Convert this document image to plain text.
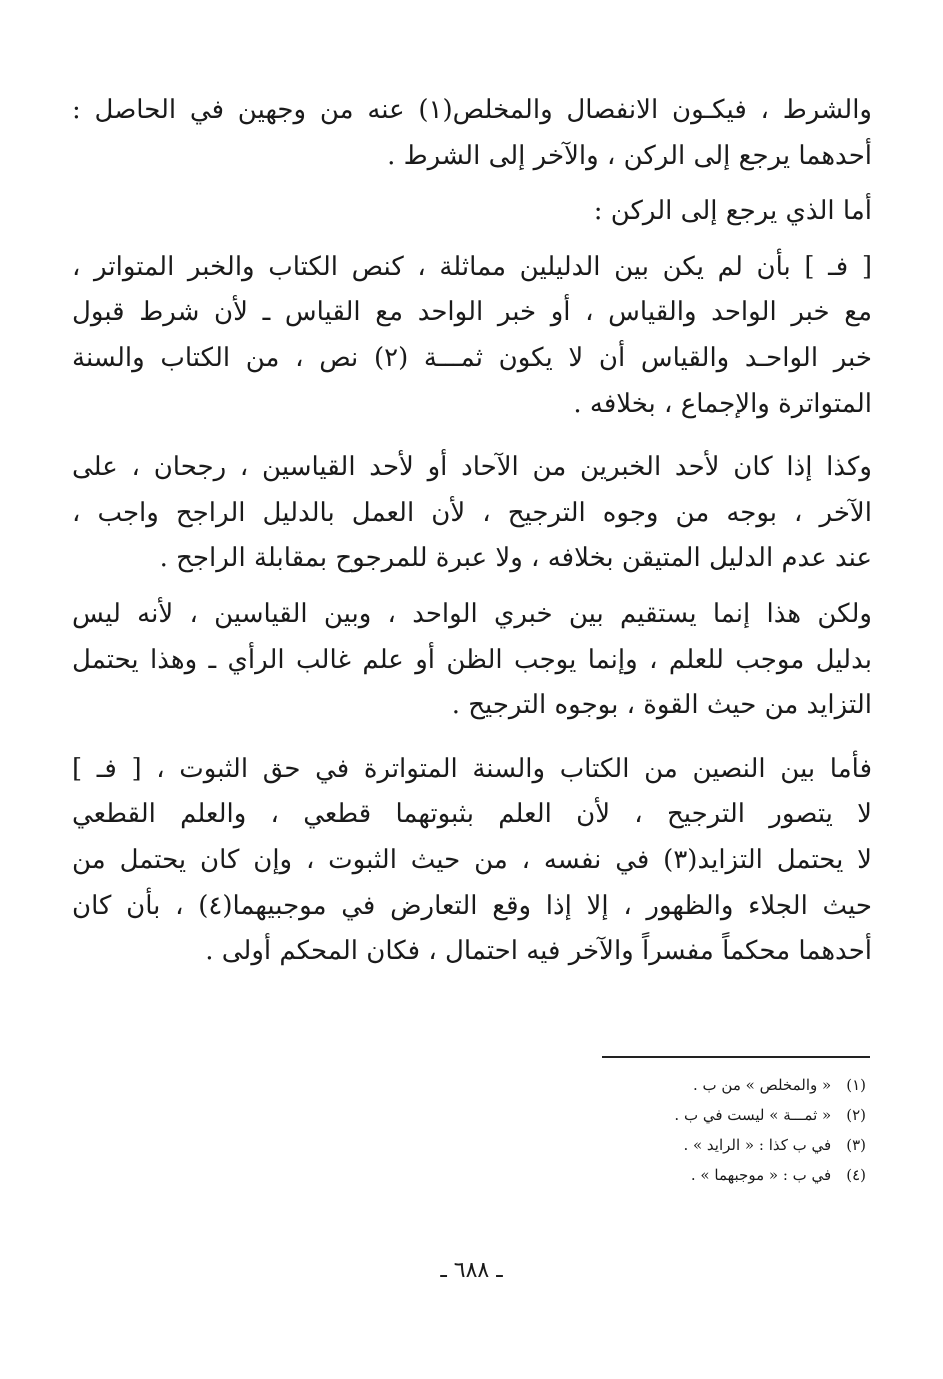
والشرط ، فيكـون الانفصال والمخلص(١) عنه من وجهين في الحاصل :
أحدهما يرجع إلى الركن ، والآخر إلى الشرط .
أما الذي يرجع إلى الركن :
[ فـ ] بأن لم يكن بين الدليلين مماثلة ، كنص الكتاب والخبر المتواتر ،
مع خبر الواحد والقياس ، أو خبر الواحد مع القياس ـ لأن شرط قبول
خبر الواحـد والقياس أن لا يكون ثمـــة (٢) نص ، من الكتاب والسنة
المتواترة والإجماع ، بخلافه .
وكذا إذا كان لأحد الخبرين من الآحاد أو لأحد القياسين ، رجحان ، على
الآخر ، بوجه من وجوه الترجيح ، لأن العمل بالدليل الراجح واجب ،
عند عدم الدليل المتيقن بخلافه ، ولا عبرة للمرجوح بمقابلة الراجح .
ولكن هذا إنما يستقيم بين خبري الواحد ، وبين القياسين ، لأنه ليس
بدليل موجب للعلم ، وإنما يوجب الظن أو علم غالب الرأي ـ وهذا يحتمل
التزايد من حيث القوة ، بوجوه الترجيح .
فأما بين النصين من الكتاب والسنة المتواترة في حق الثبوت ، [ فـ ]
لا يتصور الترجيح ، لأن العلم بثبوتهما قطعي ، والعلم القطعي
لا يحتمل التزايد(٣) في نفسه ، من حيث الثبوت ، وإن كان يحتمل من
حيث الجلاء والظهور ، إلا إذا وقع التعارض في موجبيهما(٤) ، بأن كان
أحدهما محكماً مفسراً والآخر فيه احتمال ، فكان المحكم أولى .
(١) « والمخلص » من ب .
(٢) « ثمـــة » ليست في ب .
(٣) في ب كذا : « الرايد » .
(٤) في ب : « موجبهما » .
ـ ٦٨٨ ـ
